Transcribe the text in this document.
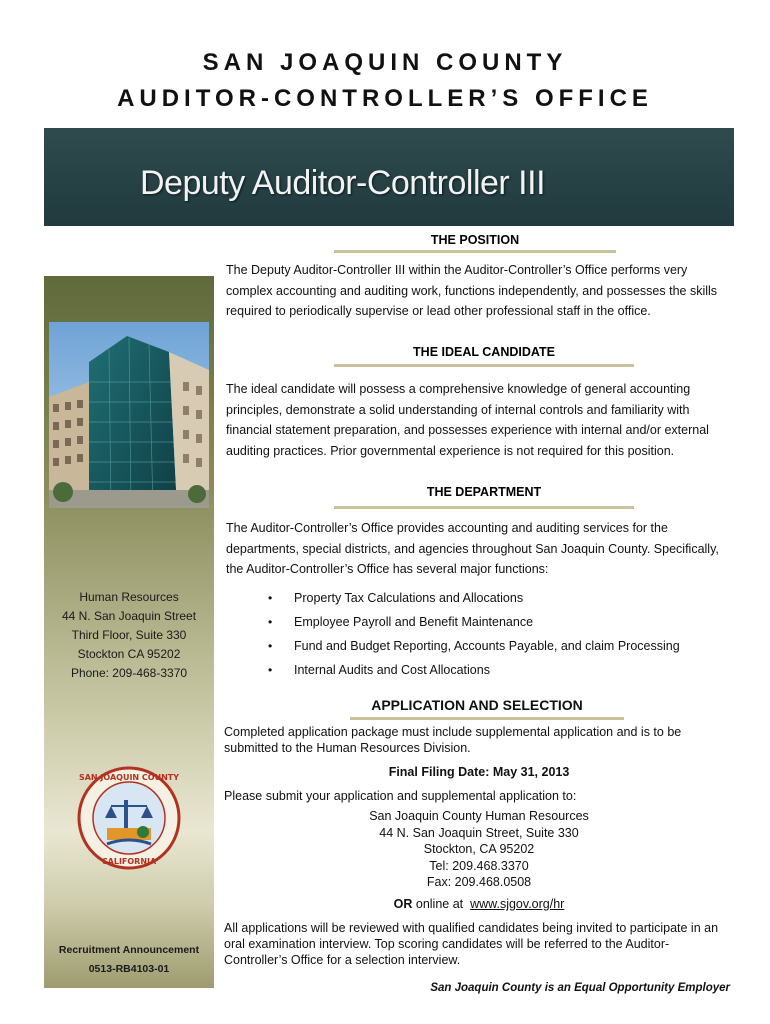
SAN JOAQUIN COUNTY
AUDITOR-CONTROLLER’S OFFICE
Deputy Auditor-Controller III
Human Resources
44 N. San Joaquin Street
Third Floor, Suite 330
Stockton CA 95202
Phone: 209-468-3370
SAN JOAQUIN COUNTY
CALIFORNIA
Recruitment Announcement
0513-RB4103-01
THE POSITION
The Deputy Auditor-Controller III within the Auditor-Controller’s Office performs very complex accounting and auditing work, functions independently, and possesses the skills required to periodically supervise or lead other professional staff in the office.
THE IDEAL CANDIDATE
The ideal candidate will possess a comprehensive knowledge of general accounting principles, demonstrate a solid understanding of internal controls and familiarity with financial statement preparation, and possesses experience with internal and/or external auditing practices. Prior governmental experience is not required for this position.
THE DEPARTMENT
The Auditor-Controller’s Office provides accounting and auditing services for the departments, special districts, and agencies throughout San Joaquin County. Specifically, the Auditor-Controller’s Office has several major functions:
• Property Tax Calculations and Allocations
• Employee Payroll and Benefit Maintenance
• Fund and Budget Reporting, Accounts Payable, and claim Processing
• Internal Audits and Cost Allocations
APPLICATION AND SELECTION
Completed application package must include supplemental application and is to be submitted to the Human Resources Division.
Final Filing Date: May 31, 2013
Please submit your application and supplemental application to:
San Joaquin County Human Resources
44 N. San Joaquin Street, Suite 330
Stockton, CA 95202
Tel: 209.468.3370
Fax: 209.468.0508
OR online at  www.sjgov.org/hr
All applications will be reviewed with qualified candidates being invited to participate in an oral examination interview. Top scoring candidates will be referred to the Auditor-Controller’s Office for a selection interview.
San Joaquin County is an Equal Opportunity Employer
